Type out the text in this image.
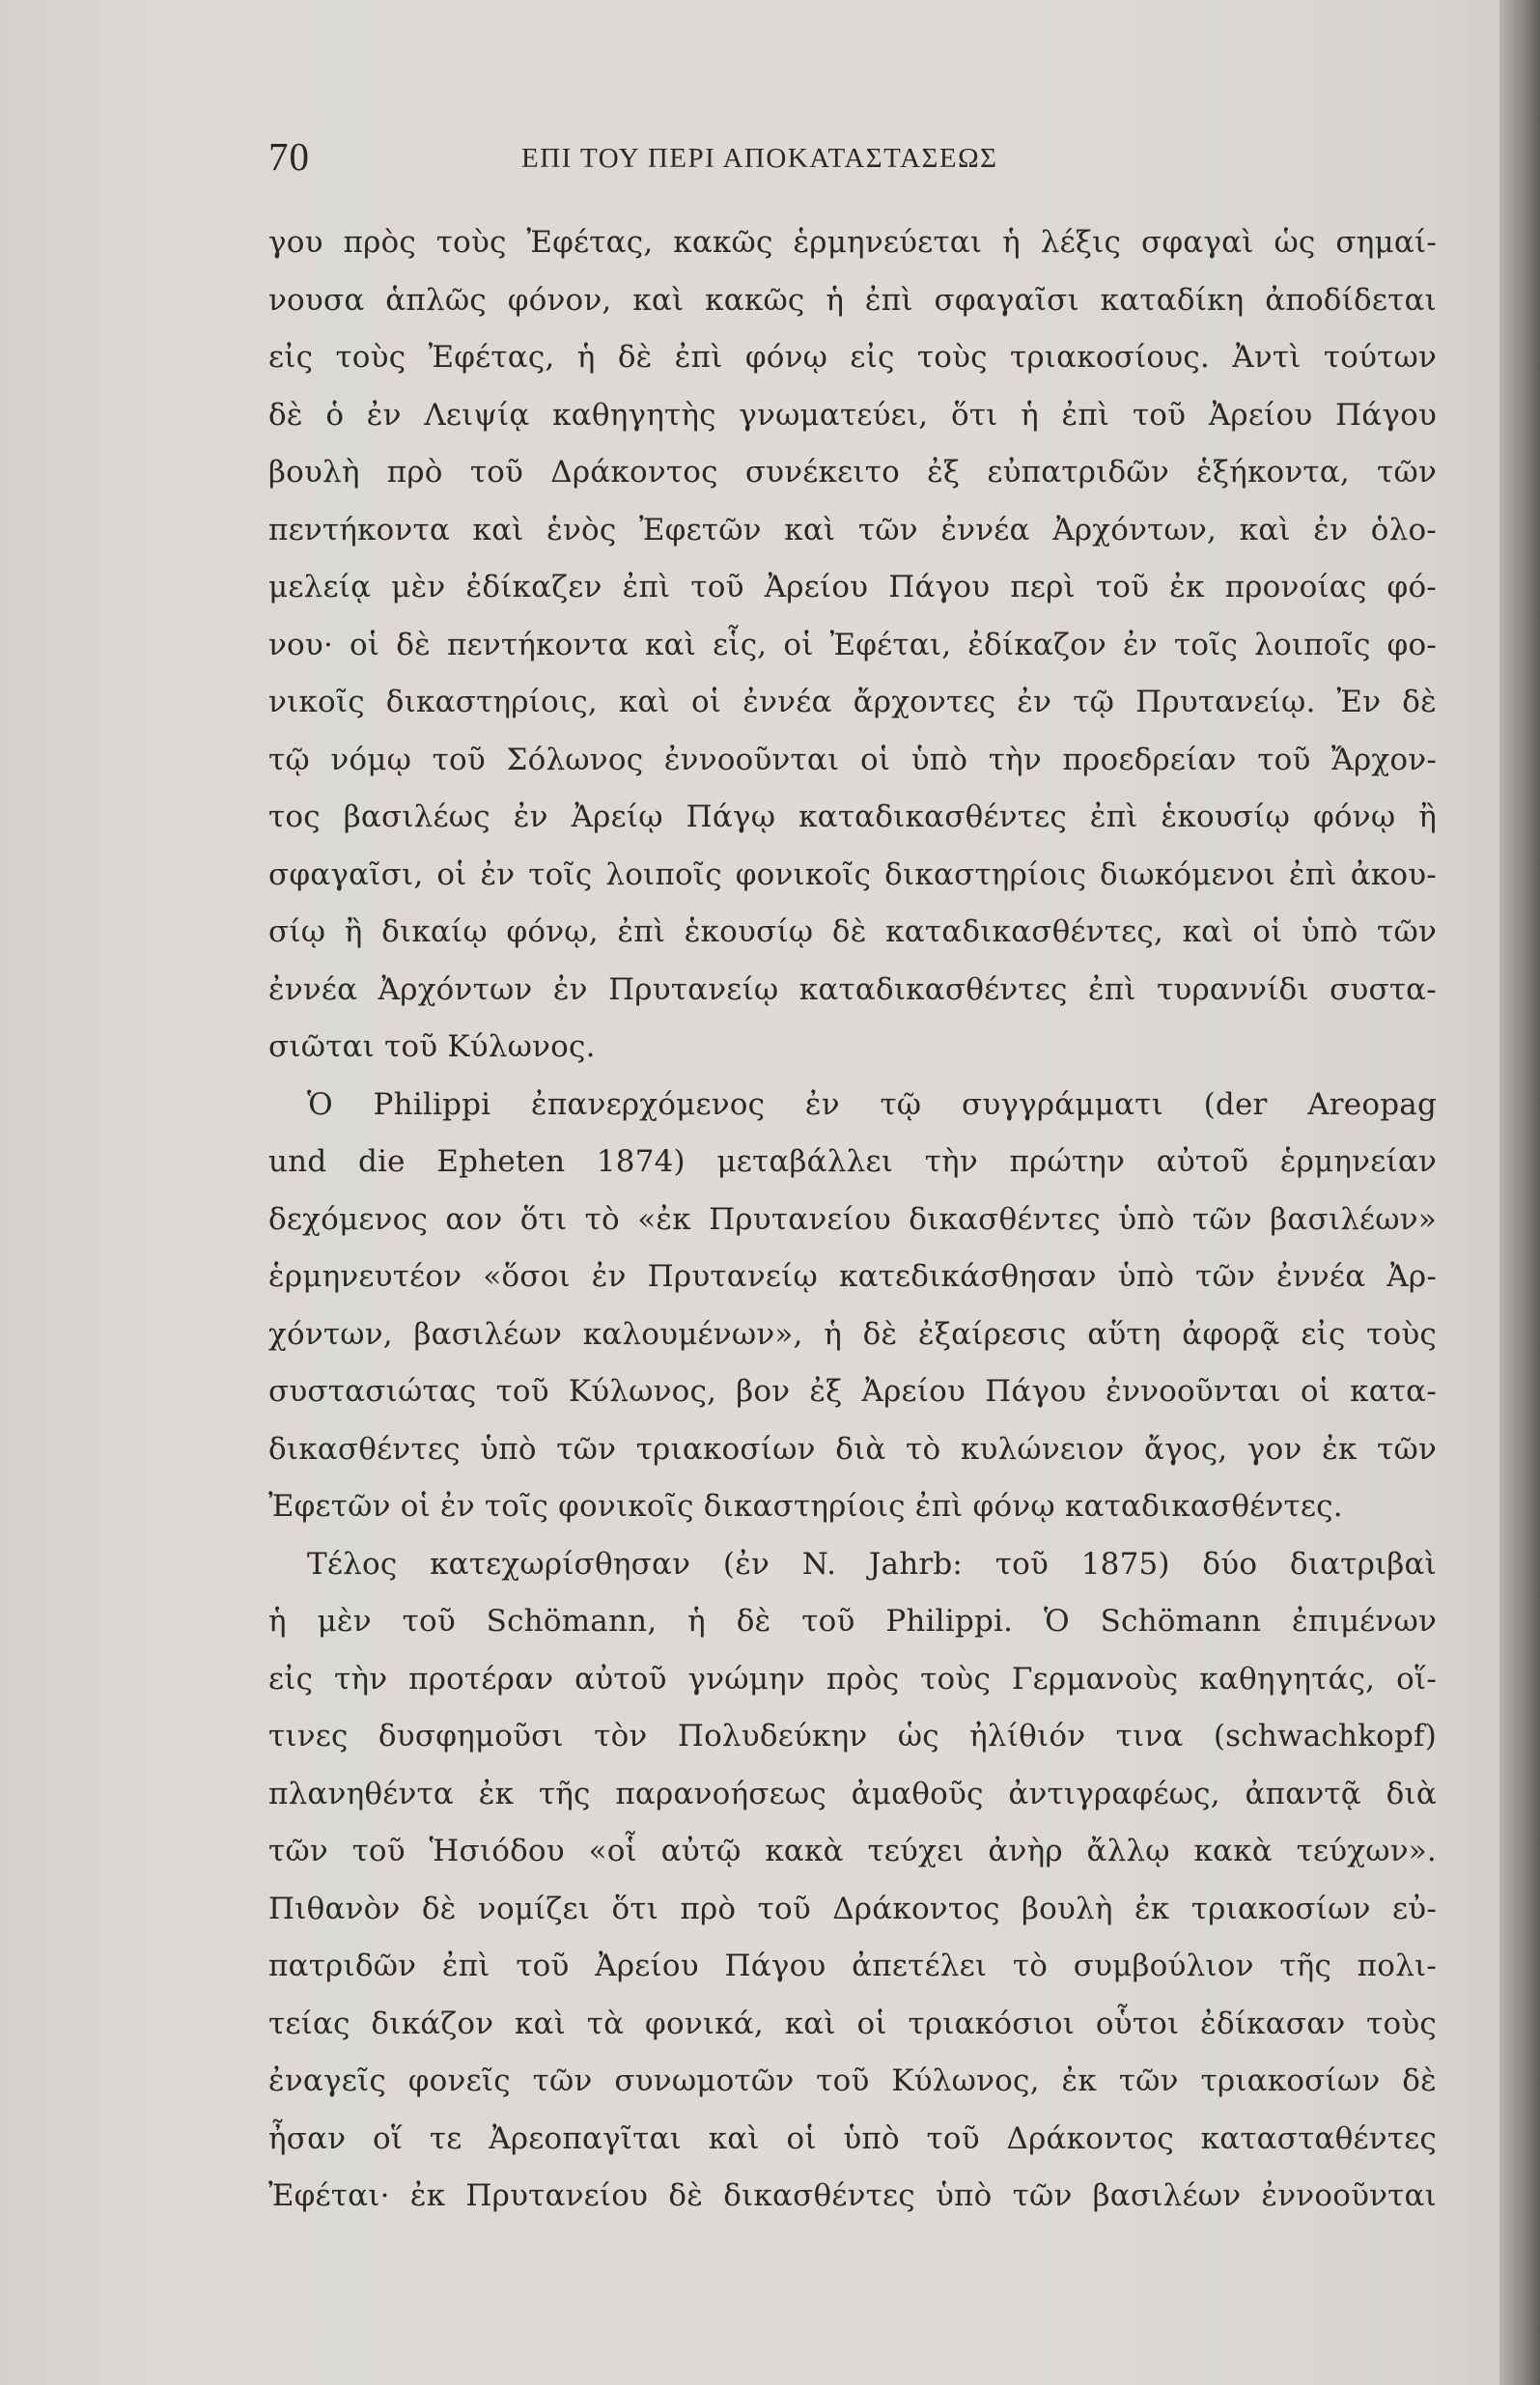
70	ΕΠΙ ΤΟΥ ΠΕΡΙ ΑΠΟΚΑΤΑΣΤΑΣΕΩΣ
γου πρὸς τοὺς Ἐφέτας, κακῶς ἑρμηνεύεται ἡ λέξις σφαγαὶ ὡς σημαί-
νουσα ἁπλῶς φόνον, καὶ κακῶς ἡ ἐπὶ σφαγαῖσι καταδίκη ἀποδίδεται
εἰς τοὺς Ἐφέτας, ἡ δὲ ἐπὶ φόνῳ εἰς τοὺς τριακοσίους. Ἀντὶ τούτων
δὲ ὁ ἐν Λειψίᾳ καθηγητὴς γνωματεύει, ὅτι ἡ ἐπὶ τοῦ Ἀρείου Πάγου
βουλὴ πρὸ τοῦ Δράκοντος συνέκειτο ἐξ εὐπατριδῶν ἑξήκοντα, τῶν
πεντήκοντα καὶ ἑνὸς Ἐφετῶν καὶ τῶν ἐννέα Ἀρχόντων, καὶ ἐν ὁλο-
μελείᾳ μὲν ἐδίκαζεν ἐπὶ τοῦ Ἀρείου Πάγου περὶ τοῦ ἐκ προνοίας φό-
νου· οἱ δὲ πεντήκοντα καὶ εἷς, οἱ Ἐφέται, ἐδίκαζον ἐν τοῖς λοιποῖς φο-
νικοῖς δικαστηρίοις, καὶ οἱ ἐννέα ἄρχοντες ἐν τῷ Πρυτανείῳ. Ἐν δὲ
τῷ νόμῳ τοῦ Σόλωνος ἐννοοῦνται οἱ ὑπὸ τὴν προεδρείαν τοῦ Ἄρχον-
τος βασιλέως ἐν Ἀρείῳ Πάγῳ καταδικασθέντες ἐπὶ ἑκουσίῳ φόνῳ ἢ
σφαγαῖσι, οἱ ἐν τοῖς λοιποῖς φονικοῖς δικαστηρίοις διωκόμενοι ἐπὶ ἀκου-
σίῳ ἢ δικαίῳ φόνῳ, ἐπὶ ἑκουσίῳ δὲ καταδικασθέντες, καὶ οἱ ὑπὸ τῶν
ἐννέα Ἀρχόντων ἐν Πρυτανείῳ καταδικασθέντες ἐπὶ τυραννίδι συστα-
σιῶται τοῦ Κύλωνος.
Ὁ Philippi ἐπανερχόμενος ἐν τῷ συγγράμματι (der Areopag
und die Epheten 1874) μεταβάλλει τὴν πρώτην αὐτοῦ ἑρμηνείαν
δεχόμενος αον ὅτι τὸ «ἐκ Πρυτανείου δικασθέντες ὑπὸ τῶν βασιλέων»
ἑρμηνευτέον «ὅσοι ἐν Πρυτανείῳ κατεδικάσθησαν ὑπὸ τῶν ἐννέα Ἀρ-
χόντων, βασιλέων καλουμένων», ἡ δὲ ἐξαίρεσις αὕτη ἀφορᾷ εἰς τοὺς
συστασιώτας τοῦ Κύλωνος, βον ἐξ Ἀρείου Πάγου ἐννοοῦνται οἱ κατα-
δικασθέντες ὑπὸ τῶν τριακοσίων διὰ τὸ κυλώνειον ἄγος, γον ἐκ τῶν
Ἐφετῶν οἱ ἐν τοῖς φονικοῖς δικαστηρίοις ἐπὶ φόνῳ καταδικασθέντες.
Τέλος κατεχωρίσθησαν (ἐν N. Jahrb: τοῦ 1875) δύο διατριβαὶ
ἡ μὲν τοῦ Schömann, ἡ δὲ τοῦ Philippi. Ὁ Schömann ἐπιμένων
εἰς τὴν προτέραν αὐτοῦ γνώμην πρὸς τοὺς Γερμανοὺς καθηγητάς, οἵ-
τινες δυσφημοῦσι τὸν Πολυδεύκην ὡς ἠλίθιόν τινα (schwachkopf)
πλανηθέντα ἐκ τῆς παρανοήσεως ἀμαθοῦς ἀντιγραφέως, ἀπαντᾷ διὰ
τῶν τοῦ Ἡσιόδου «οἷ αὐτῷ κακὰ τεύχει ἀνὴρ ἄλλῳ κακὰ τεύχων».
Πιθανὸν δὲ νομίζει ὅτι πρὸ τοῦ Δράκοντος βουλὴ ἐκ τριακοσίων εὐ-
πατριδῶν ἐπὶ τοῦ Ἀρείου Πάγου ἀπετέλει τὸ συμβούλιον τῆς πολι-
τείας δικάζον καὶ τὰ φονικά, καὶ οἱ τριακόσιοι οὗτοι ἐδίκασαν τοὺς
ἐναγεῖς φονεῖς τῶν συνωμοτῶν τοῦ Κύλωνος, ἐκ τῶν τριακοσίων δὲ
ἦσαν οἵ τε Ἀρεοπαγῖται καὶ οἱ ὑπὸ τοῦ Δράκοντος κατασταθέντες
Ἐφέται· ἐκ Πρυτανείου δὲ δικασθέντες ὑπὸ τῶν βασιλέων ἐννοοῦνται
